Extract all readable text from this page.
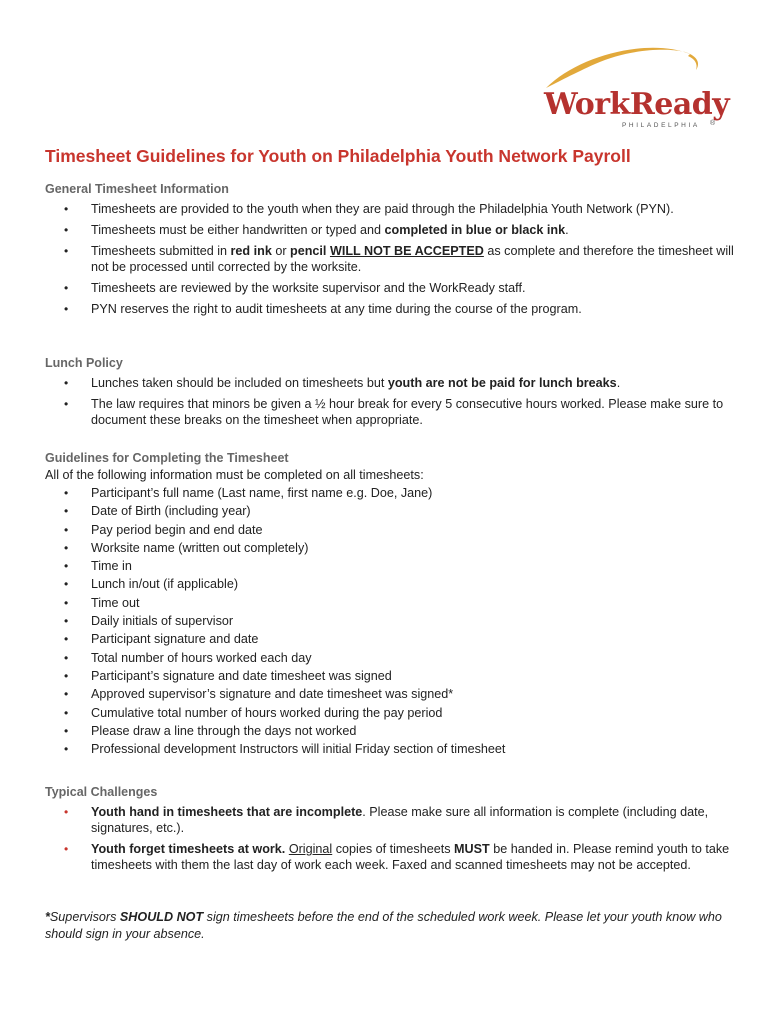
WorkReady
PHILADELPHIA ®
Timesheet Guidelines for Youth on Philadelphia Youth Network Payroll
General Timesheet Information
• Timesheets are provided to the youth when they are paid through the Philadelphia Youth Network (PYN).
• Timesheets must be either handwritten or typed and completed in blue or black ink.
• Timesheets submitted in red ink or pencil WILL NOT BE ACCEPTED as complete and therefore the timesheet will not be processed until corrected by the worksite.
• Timesheets are reviewed by the worksite supervisor and the WorkReady staff.
• PYN reserves the right to audit timesheets at any time during the course of the program.
Lunch Policy
• Lunches taken should be included on timesheets but youth are not be paid for lunch breaks.
• The law requires that minors be given a ½ hour break for every 5 consecutive hours worked. Please make sure to document these breaks on the timesheet when appropriate.
Guidelines for Completing the Timesheet

All of the following information must be completed on all timesheets:

• Participant’s full name (Last name, first name e.g. Doe, Jane)
• Date of Birth (including year)
• Pay period begin and end date
• Worksite name (written out completely)
• Time in
• Lunch in/out (if applicable)
• Time out
• Daily initials of supervisor
• Participant signature and date
• Total number of hours worked each day
• Participant’s signature and date timesheet was signed
• Approved supervisor’s signature and date timesheet was signed*
• Cumulative total number of hours worked during the pay period
• Please draw a line through the days not worked
• Professional development Instructors will initial Friday section of timesheet
Typical Challenges
• Youth hand in timesheets that are incomplete. Please make sure all information is complete (including date, signatures, etc.).
• Youth forget timesheets at work. Original copies of timesheets MUST be handed in. Please remind youth to take timesheets with them the last day of work each week. Faxed and scanned timesheets may not be accepted.

*Supervisors SHOULD NOT sign timesheets before the end of the scheduled work week. Please let your youth know who should sign in your absence.
